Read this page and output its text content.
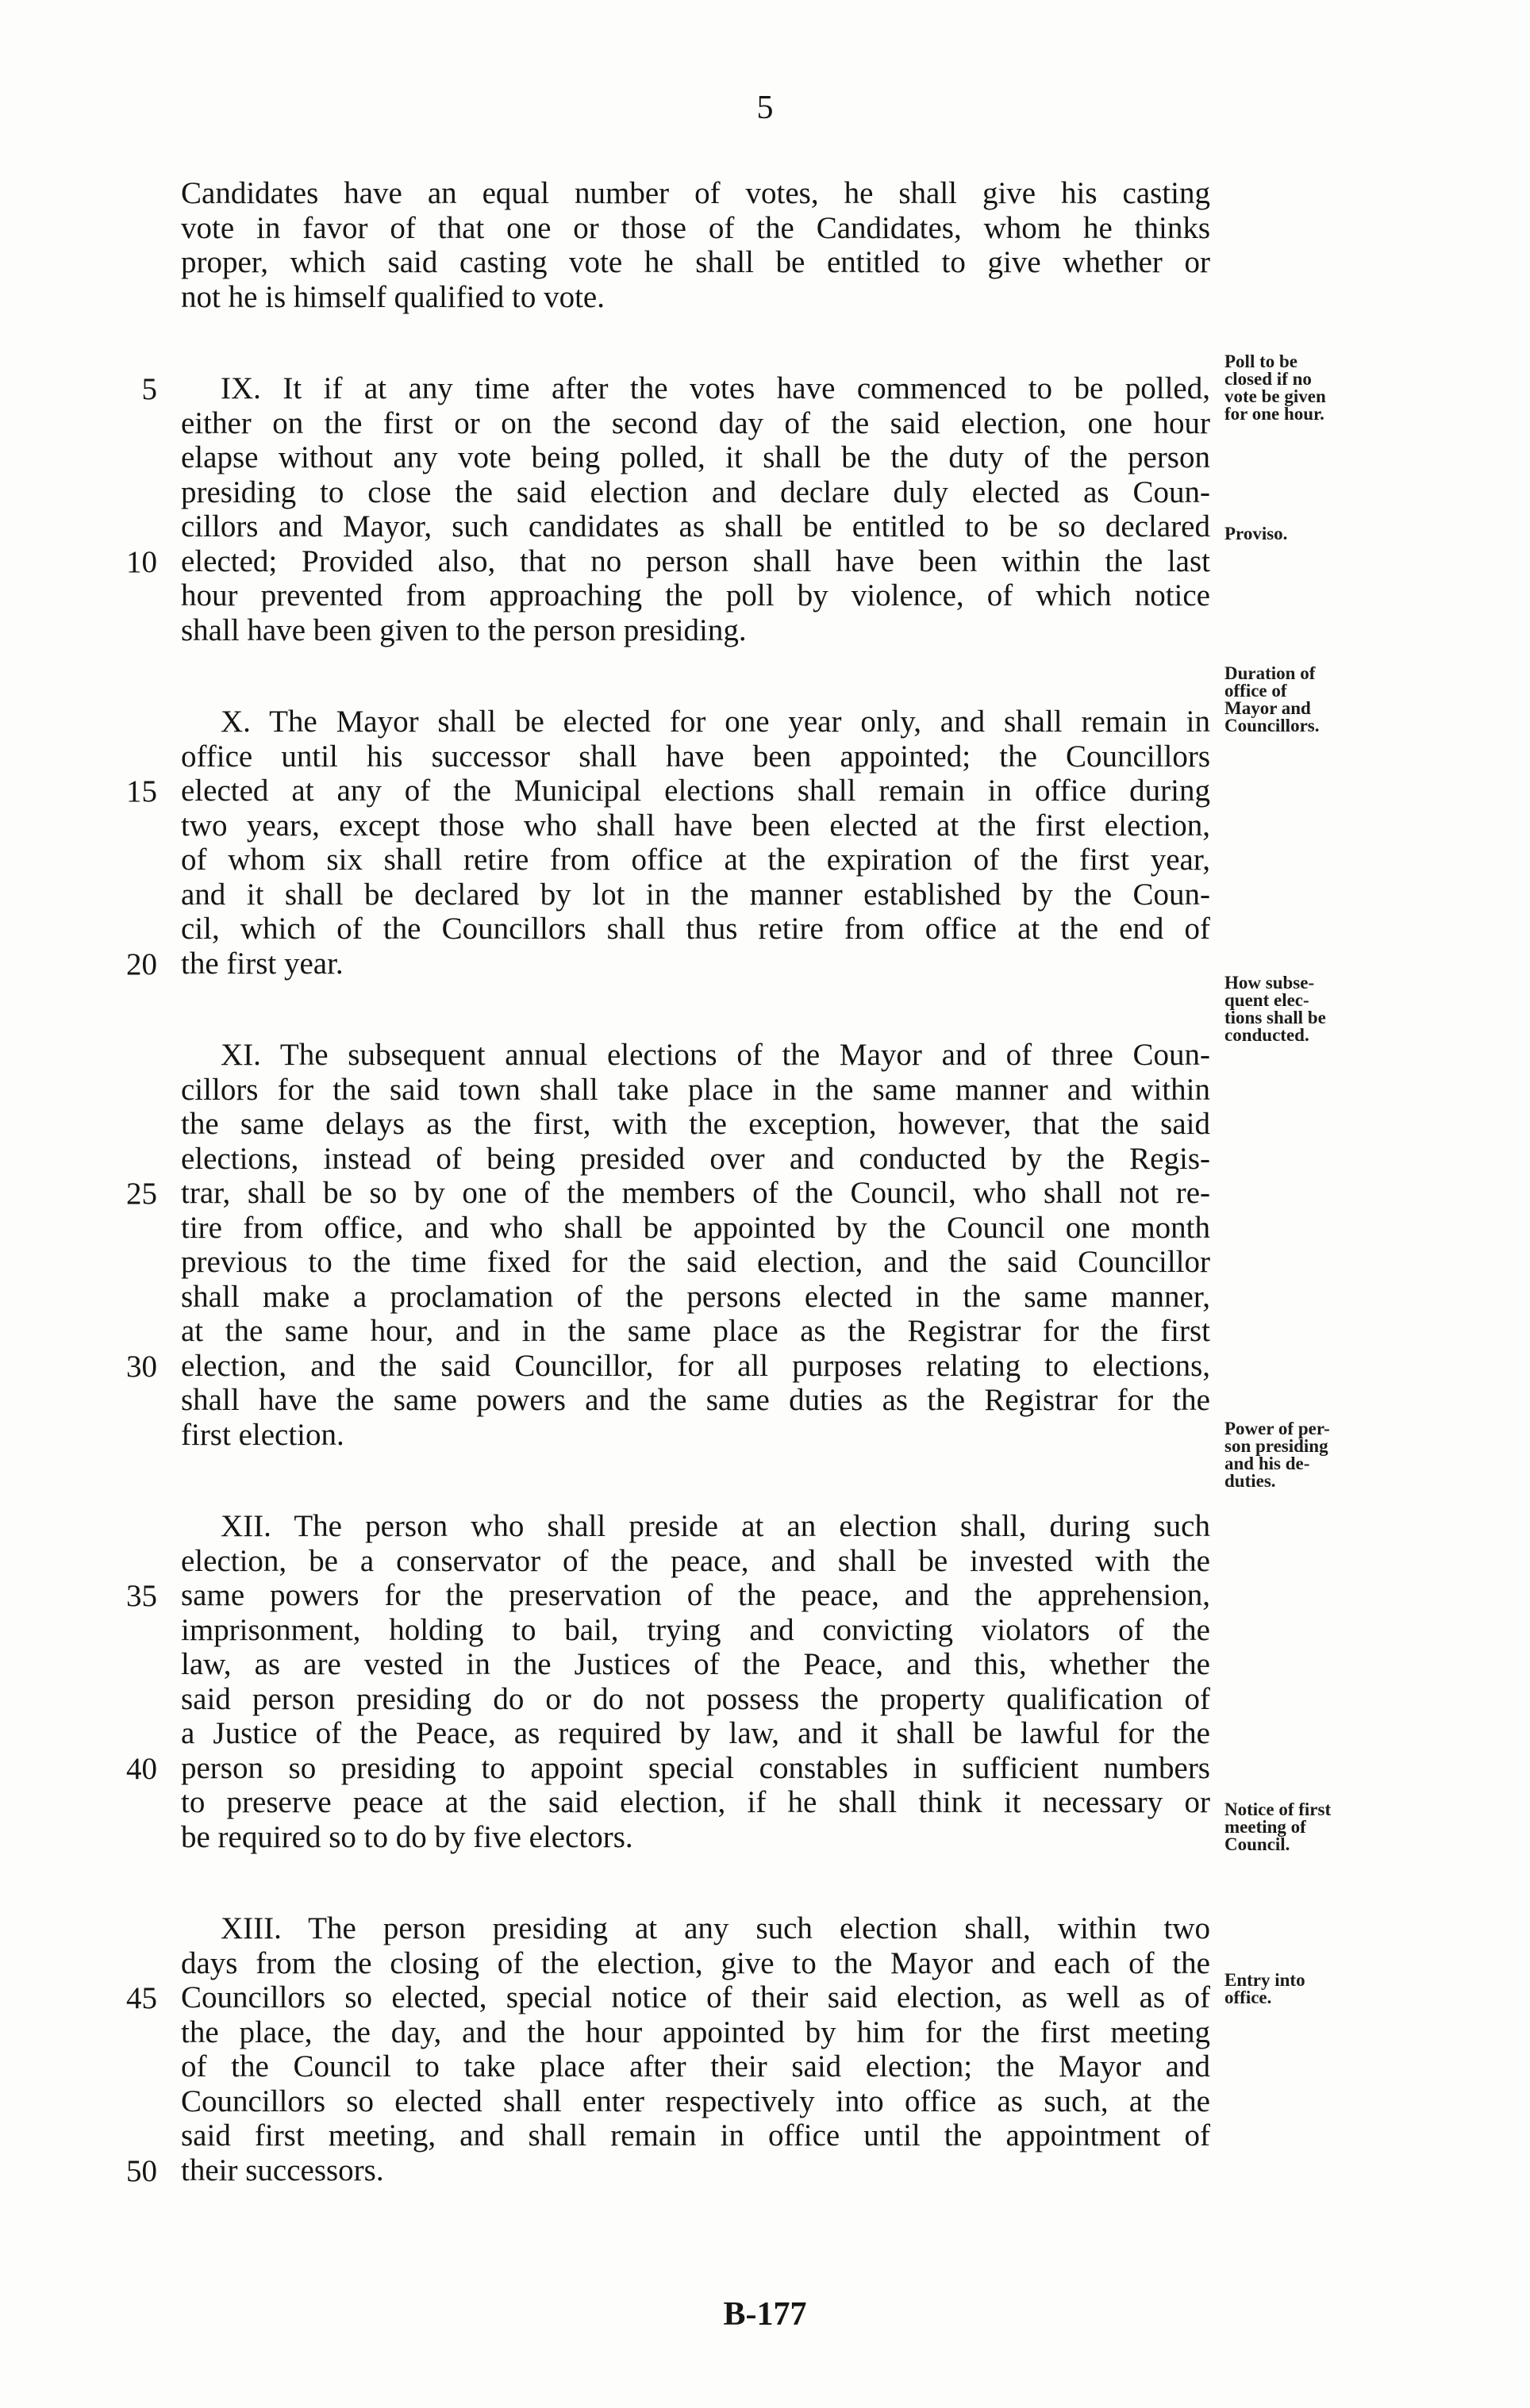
5
Candidates have an equal number of votes, he shall give his casting
vote in favor of that one or those of the Candidates, whom he thinks
proper, which said casting vote he shall be entitled to give whether or
not he is himself qualified to vote.
5	IX. It if at any time after the votes have commenced to be polled,
either on the first or on the second day of the said election, one hour
elapse without any vote being polled, it shall be the duty of the person
presiding to close the said election and declare duly elected as Coun-
cillors and Mayor, such candidates as shall be entitled to be so declared
10 elected; Provided also, that no person shall have been within the last
hour prevented from approaching the poll by violence, of which notice
shall have been given to the person presiding.
X. The Mayor shall be elected for one year only, and shall remain in
office until his successor shall have been appointed; the Councillors
15 elected at any of the Municipal elections shall remain in office during
two years, except those who shall have been elected at the first election,
of whom six shall retire from office at the expiration of the first year,
and it shall be declared by lot in the manner established by the Coun-
cil, which of the Councillors shall thus retire from office at the end of
20 the first year.
XI. The subsequent annual elections of the Mayor and of three Coun-
cillors for the said town shall take place in the same manner and within
the same delays as the first, with the exception, however, that the said
elections, instead of being presided over and conducted by the Regis-
25 trar, shall be so by one of the members of the Council, who shall not re-
tire from office, and who shall be appointed by the Council one month
previous to the time fixed for the said election, and the said Councillor
shall make a proclamation of the persons elected in the same manner,
at the same hour, and in the same place as the Registrar for the first
30 election, and the said Councillor, for all purposes relating to elections,
shall have the same powers and the same duties as the Registrar for the
first election.
XII. The person who shall preside at an election shall, during such
election, be a conservator of the peace, and shall be invested with the
35 same powers for the preservation of the peace, and the apprehension,
imprisonment, holding to bail, trying and convicting violators of the
law, as are vested in the Justices of the Peace, and this, whether the
said person presiding do or do not possess the property qualification of
a Justice of the Peace, as required by law, and it shall be lawful for the
40 person so presiding to appoint special constables in sufficient numbers
to preserve peace at the said election, if he shall think it necessary or
be required so to do by five electors.
XIII. The person presiding at any such election shall, within two
days from the closing of the election, give to the Mayor and each of the
45 Councillors so elected, special notice of their said election, as well as of
the place, the day, and the hour appointed by him for the first meeting
of the Council to take place after their said election; the Mayor and
Councillors so elected shall enter respectively into office as such, at the
said first meeting, and shall remain in office until the appointment of
50 their successors.
Poll to be
closed if no
vote be given
for one hour.
Proviso.
Duration of
office of
Mayor and
Councillors.
How subse-
quent elec-
tions shall be
conducted.
Power of per-
son presiding
and his de-
duties.
Notice of first
meeting of
Council.
Entry into
office.
B-177
